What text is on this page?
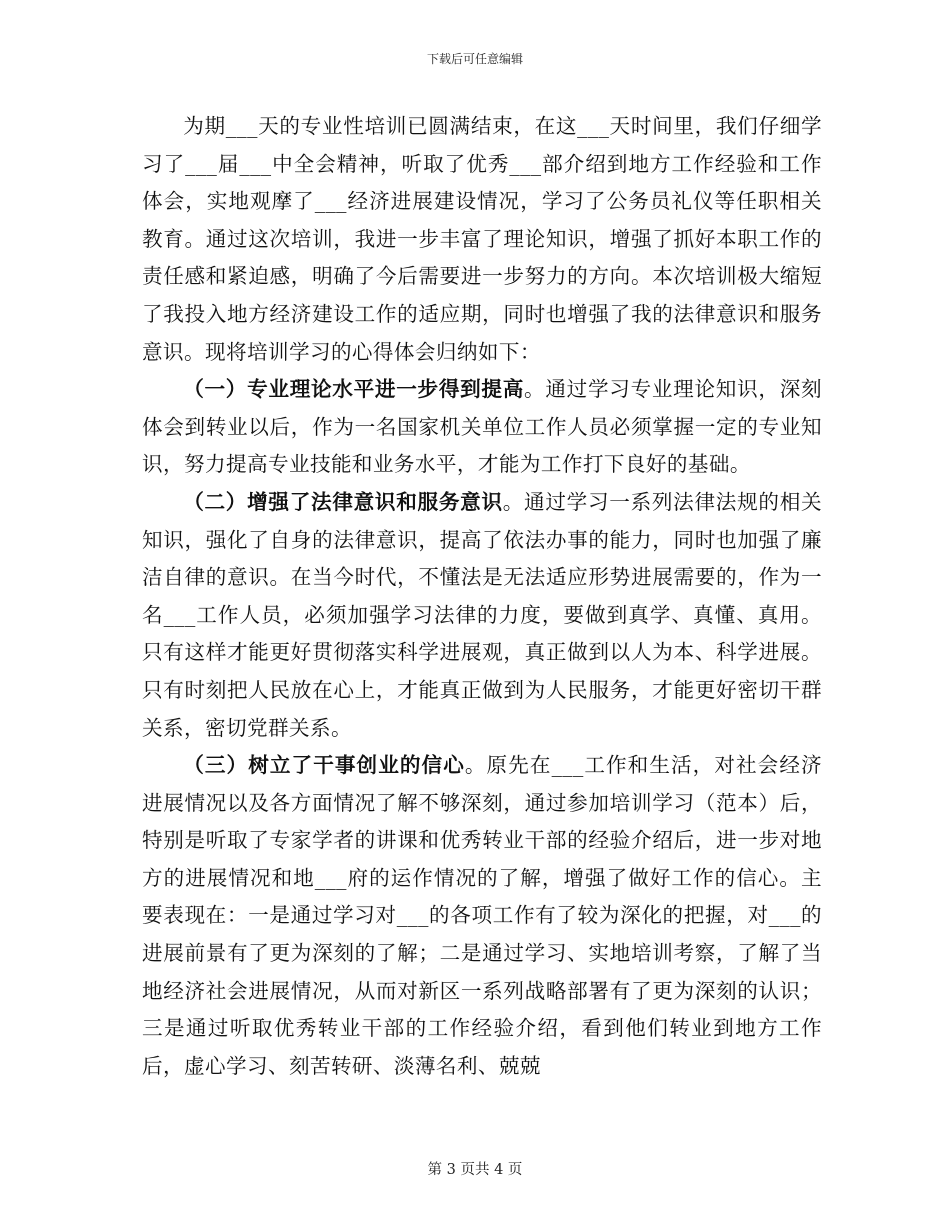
下载后可任意编辑

为期___天的专业性培训已圆满结束，在这___天时间里，我们仔细学习了___届___中全会精神，听取了优秀___部介绍到地方工作经验和工作体会，实地观摩了___经济进展建设情况，学习了公务员礼仪等任职相关教育。通过这次培训，我进一步丰富了理论知识，增强了抓好本职工作的责任感和紧迫感，明确了今后需要进一步努力的方向。本次培训极大缩短了我投入地方经济建设工作的适应期，同时也增强了我的法律意识和服务意识。现将培训学习的心得体会归纳如下：

（一）专业理论水平进一步得到提高。通过学习专业理论知识，深刻体会到转业以后，作为一名国家机关单位工作人员必须掌握一定的专业知识，努力提高专业技能和业务水平，才能为工作打下良好的基础。

（二）增强了法律意识和服务意识。通过学习一系列法律法规的相关知识，强化了自身的法律意识，提高了依法办事的能力，同时也加强了廉洁自律的意识。在当今时代，不懂法是无法适应形势进展需要的，作为一名___工作人员，必须加强学习法律的力度，要做到真学、真懂、真用。只有这样才能更好贯彻落实科学进展观，真正做到以人为本、科学进展。只有时刻把人民放在心上，才能真正做到为人民服务，才能更好密切干群关系，密切党群关系。

（三）树立了干事创业的信心。原先在___工作和生活，对社会经济进展情况以及各方面情况了解不够深刻，通过参加培训学习（范本）后，特别是听取了专家学者的讲课和优秀转业干部的经验介绍后，进一步对地方的进展情况和地___府的运作情况的了解，增强了做好工作的信心。主要表现在：一是通过学习对___的各项工作有了较为深化的把握，对___的进展前景有了更为深刻的了解；二是通过学习、实地培训考察，了解了当地经济社会进展情况，从而对新区一系列战略部署有了更为深刻的认识；三是通过听取优秀转业干部的工作经验介绍，看到他们转业到地方工作后，虚心学习、刻苦转研、淡薄名利、兢兢

第 3 页共 4 页
